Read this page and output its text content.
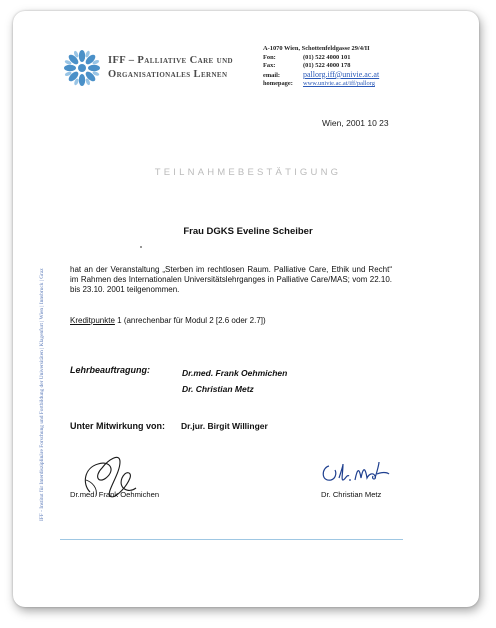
IFF – Palliative Care und
Organisationales Lernen
A-1070 Wien, Schottenfeldgasse 29/4/II
Fon:	(01) 522 4000 101
Fax:	(01) 522 4000 178
email:	pallorg.iff@univie.ac.at
homepage: www.univie.ac.at/iff/pallorg
Wien, 2001 10 23
TEILNAHMEBESTÄTIGUNG
Frau DGKS Eveline Scheiber
hat an der Veranstaltung „Sterben im rechtlosen Raum. Palliative Care, Ethik und Recht“ im Rahmen des Internationalen Universitätslehrganges in Palliative Care/MAS; vom 22.10. bis 23.10. 2001 teilgenommen.
Kreditpunkte 1 (anrechenbar für Modul 2 [2.6 oder 2.7])
Lehrbeauftragung:	Dr.med. Frank Oehmichen
Dr. Christian Metz
Unter Mitwirkung von: Dr.jur. Birgit Willinger
Dr.med. Frank Oehmichen	Dr. Christian Metz
IFF - Institut für Interdisziplinäre Forschung und Fortbildung der Universitäten | Klagenfurt | Wien | Innsbruck | Graz
